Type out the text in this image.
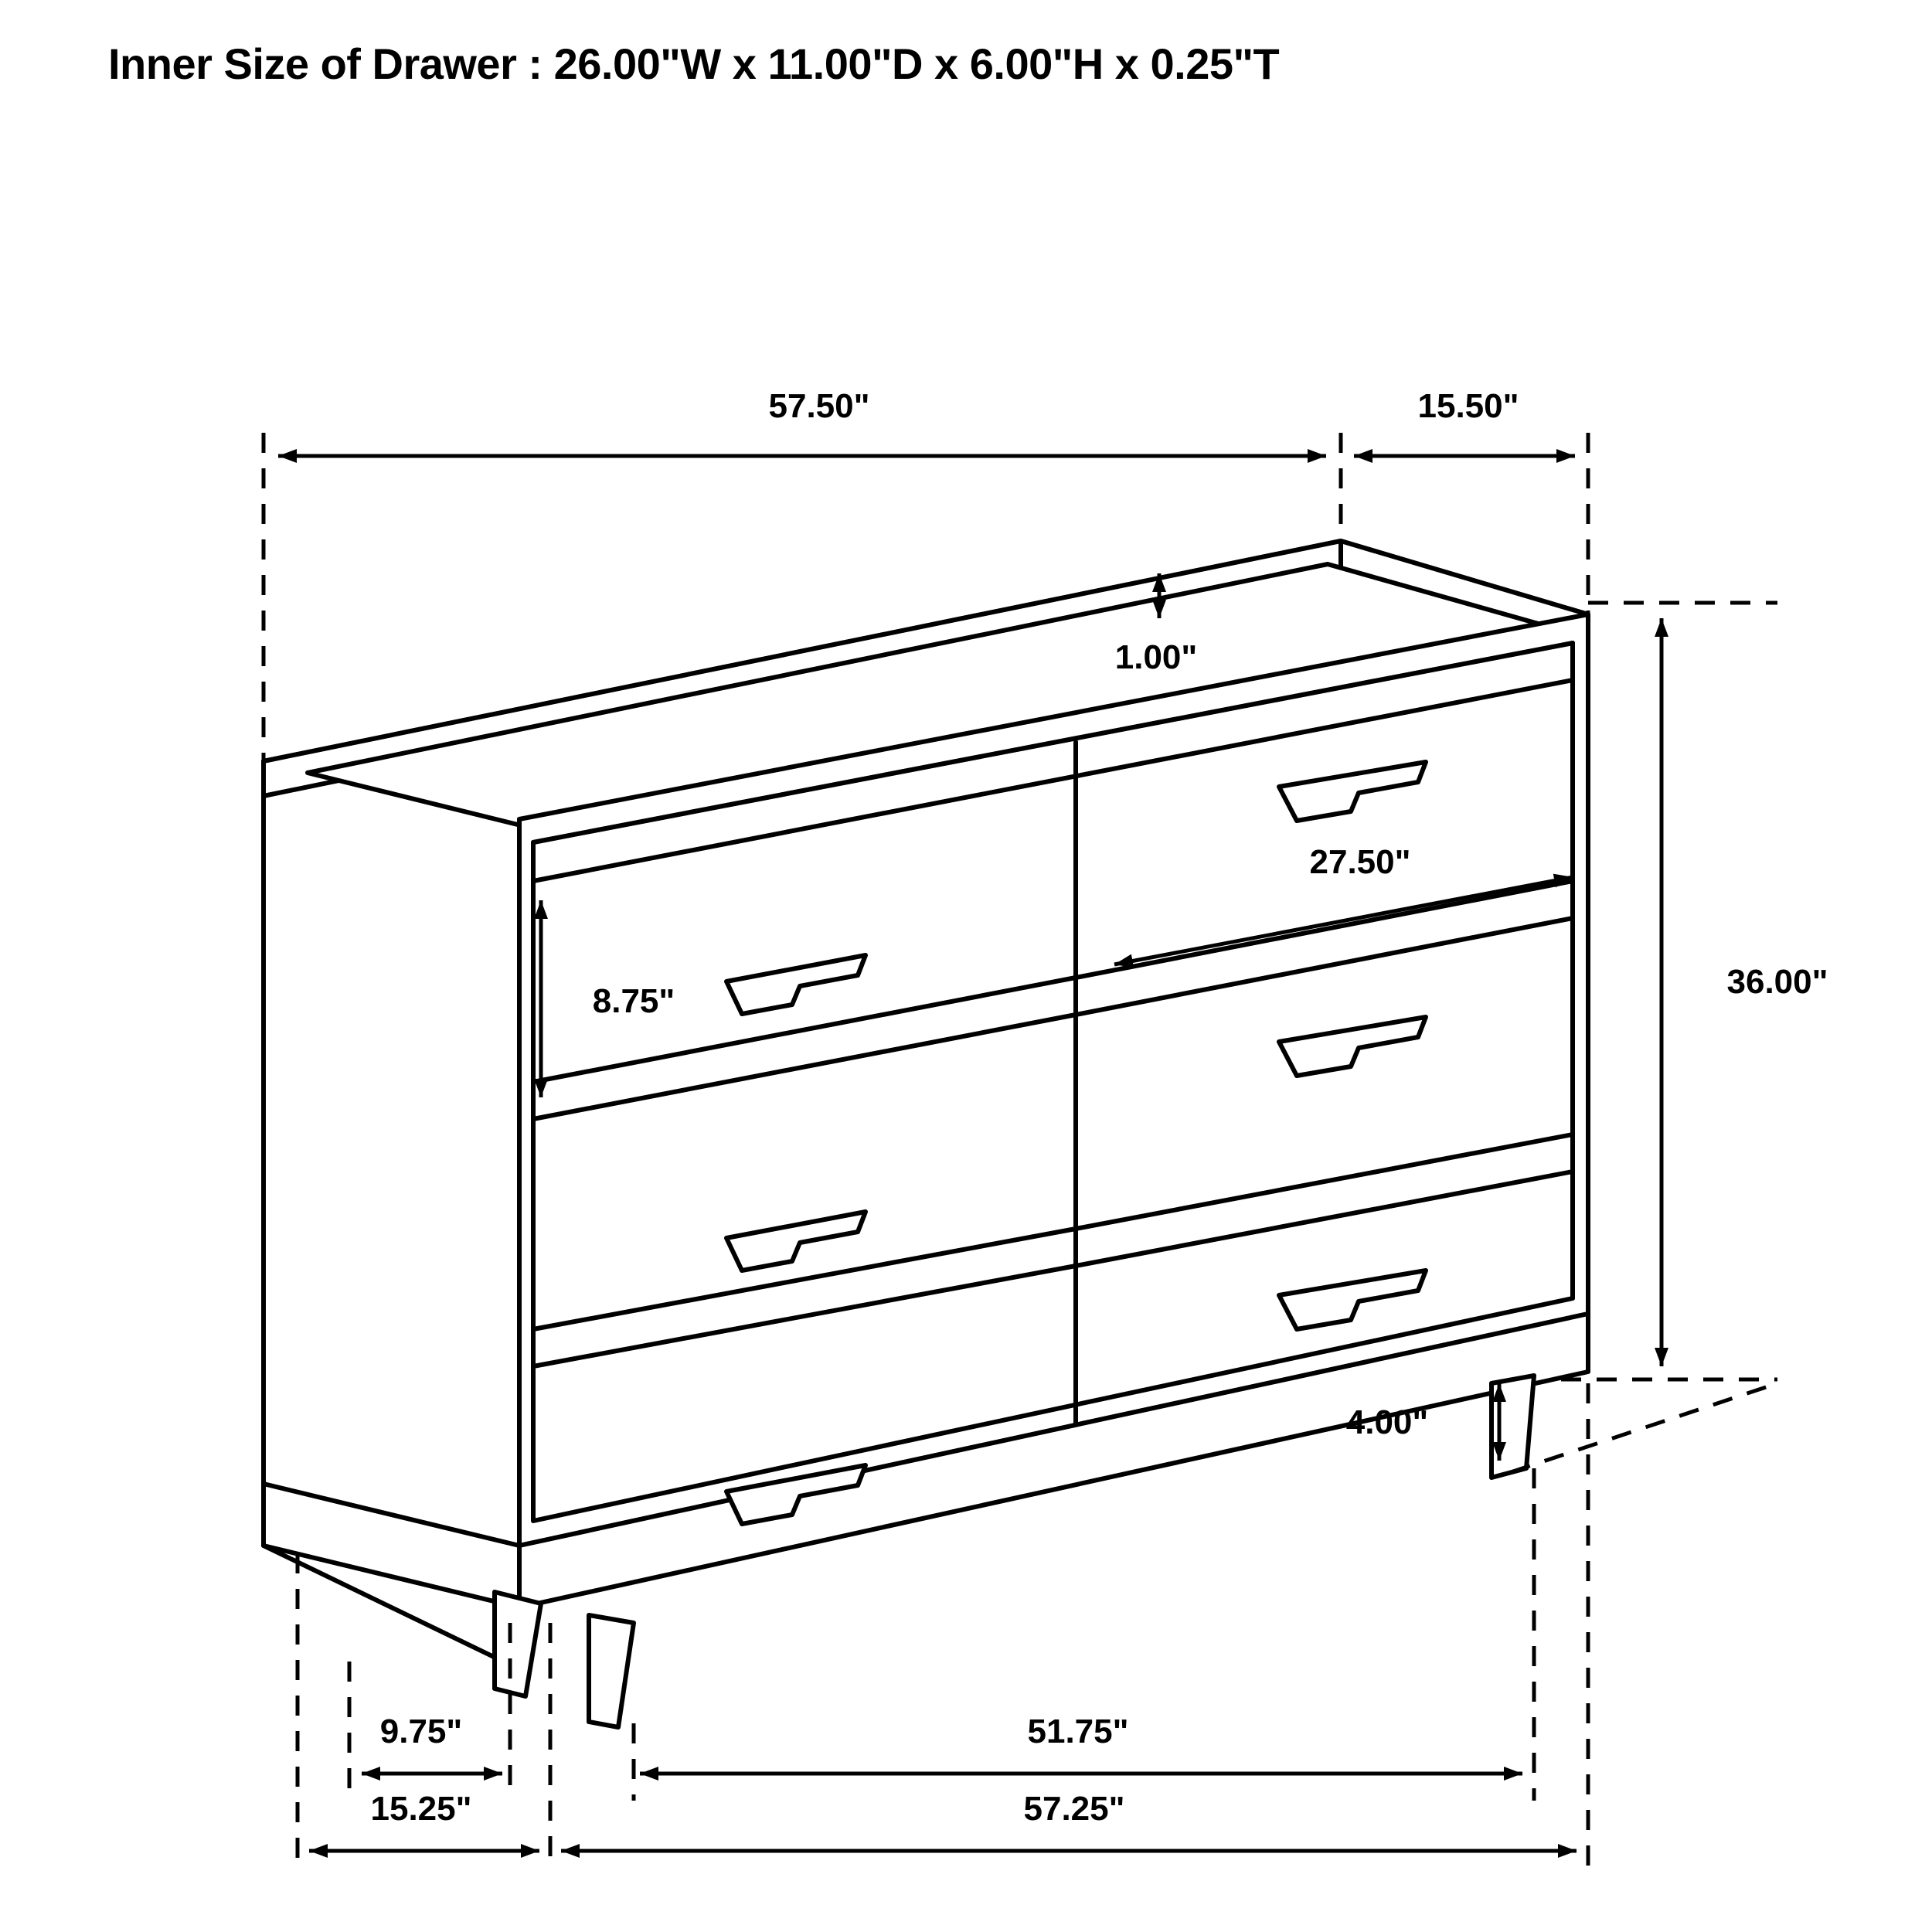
Inner Size of Drawer : 26.00"W x 11.00"D x 6.00"H x 0.25"T
57.50"	15.50"
1.00"
8.75"
27.50"
36.00"
4.00"
9.75"	51.75"
15.25"	57.25"
